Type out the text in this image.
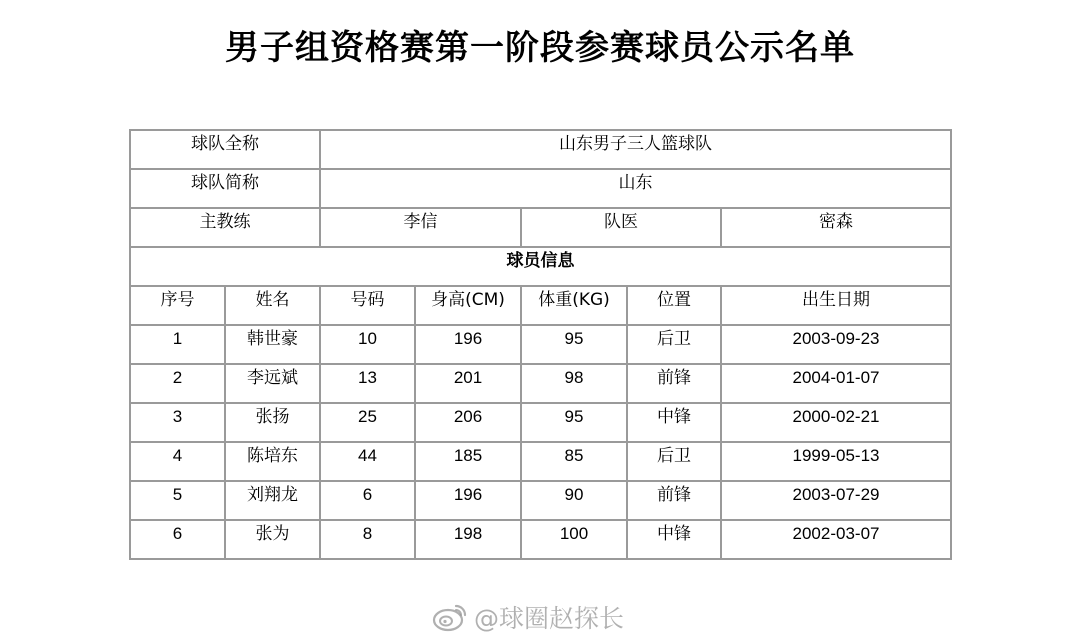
男子组资格赛第一阶段参赛球员公示名单
球队全称		山东男子三人篮球队				
球队简称		山东				
主教练		李信		队医		密森
球员信息						
序号	姓名	号码	身高(CM)	体重(KG)	位置	出生日期
1	韩世豪	10	196	95	后卫	2003-09-23
2	李远斌	13	201	98	前锋	2004-01-07
3	张扬	25	206	95	中锋	2000-02-21
4	陈培东	44	185	85	后卫	1999-05-13
5	刘翔龙	6	196	90	前锋	2003-07-29
6	张为	8	198	100	中锋	2002-03-07
@球圈赵探长
